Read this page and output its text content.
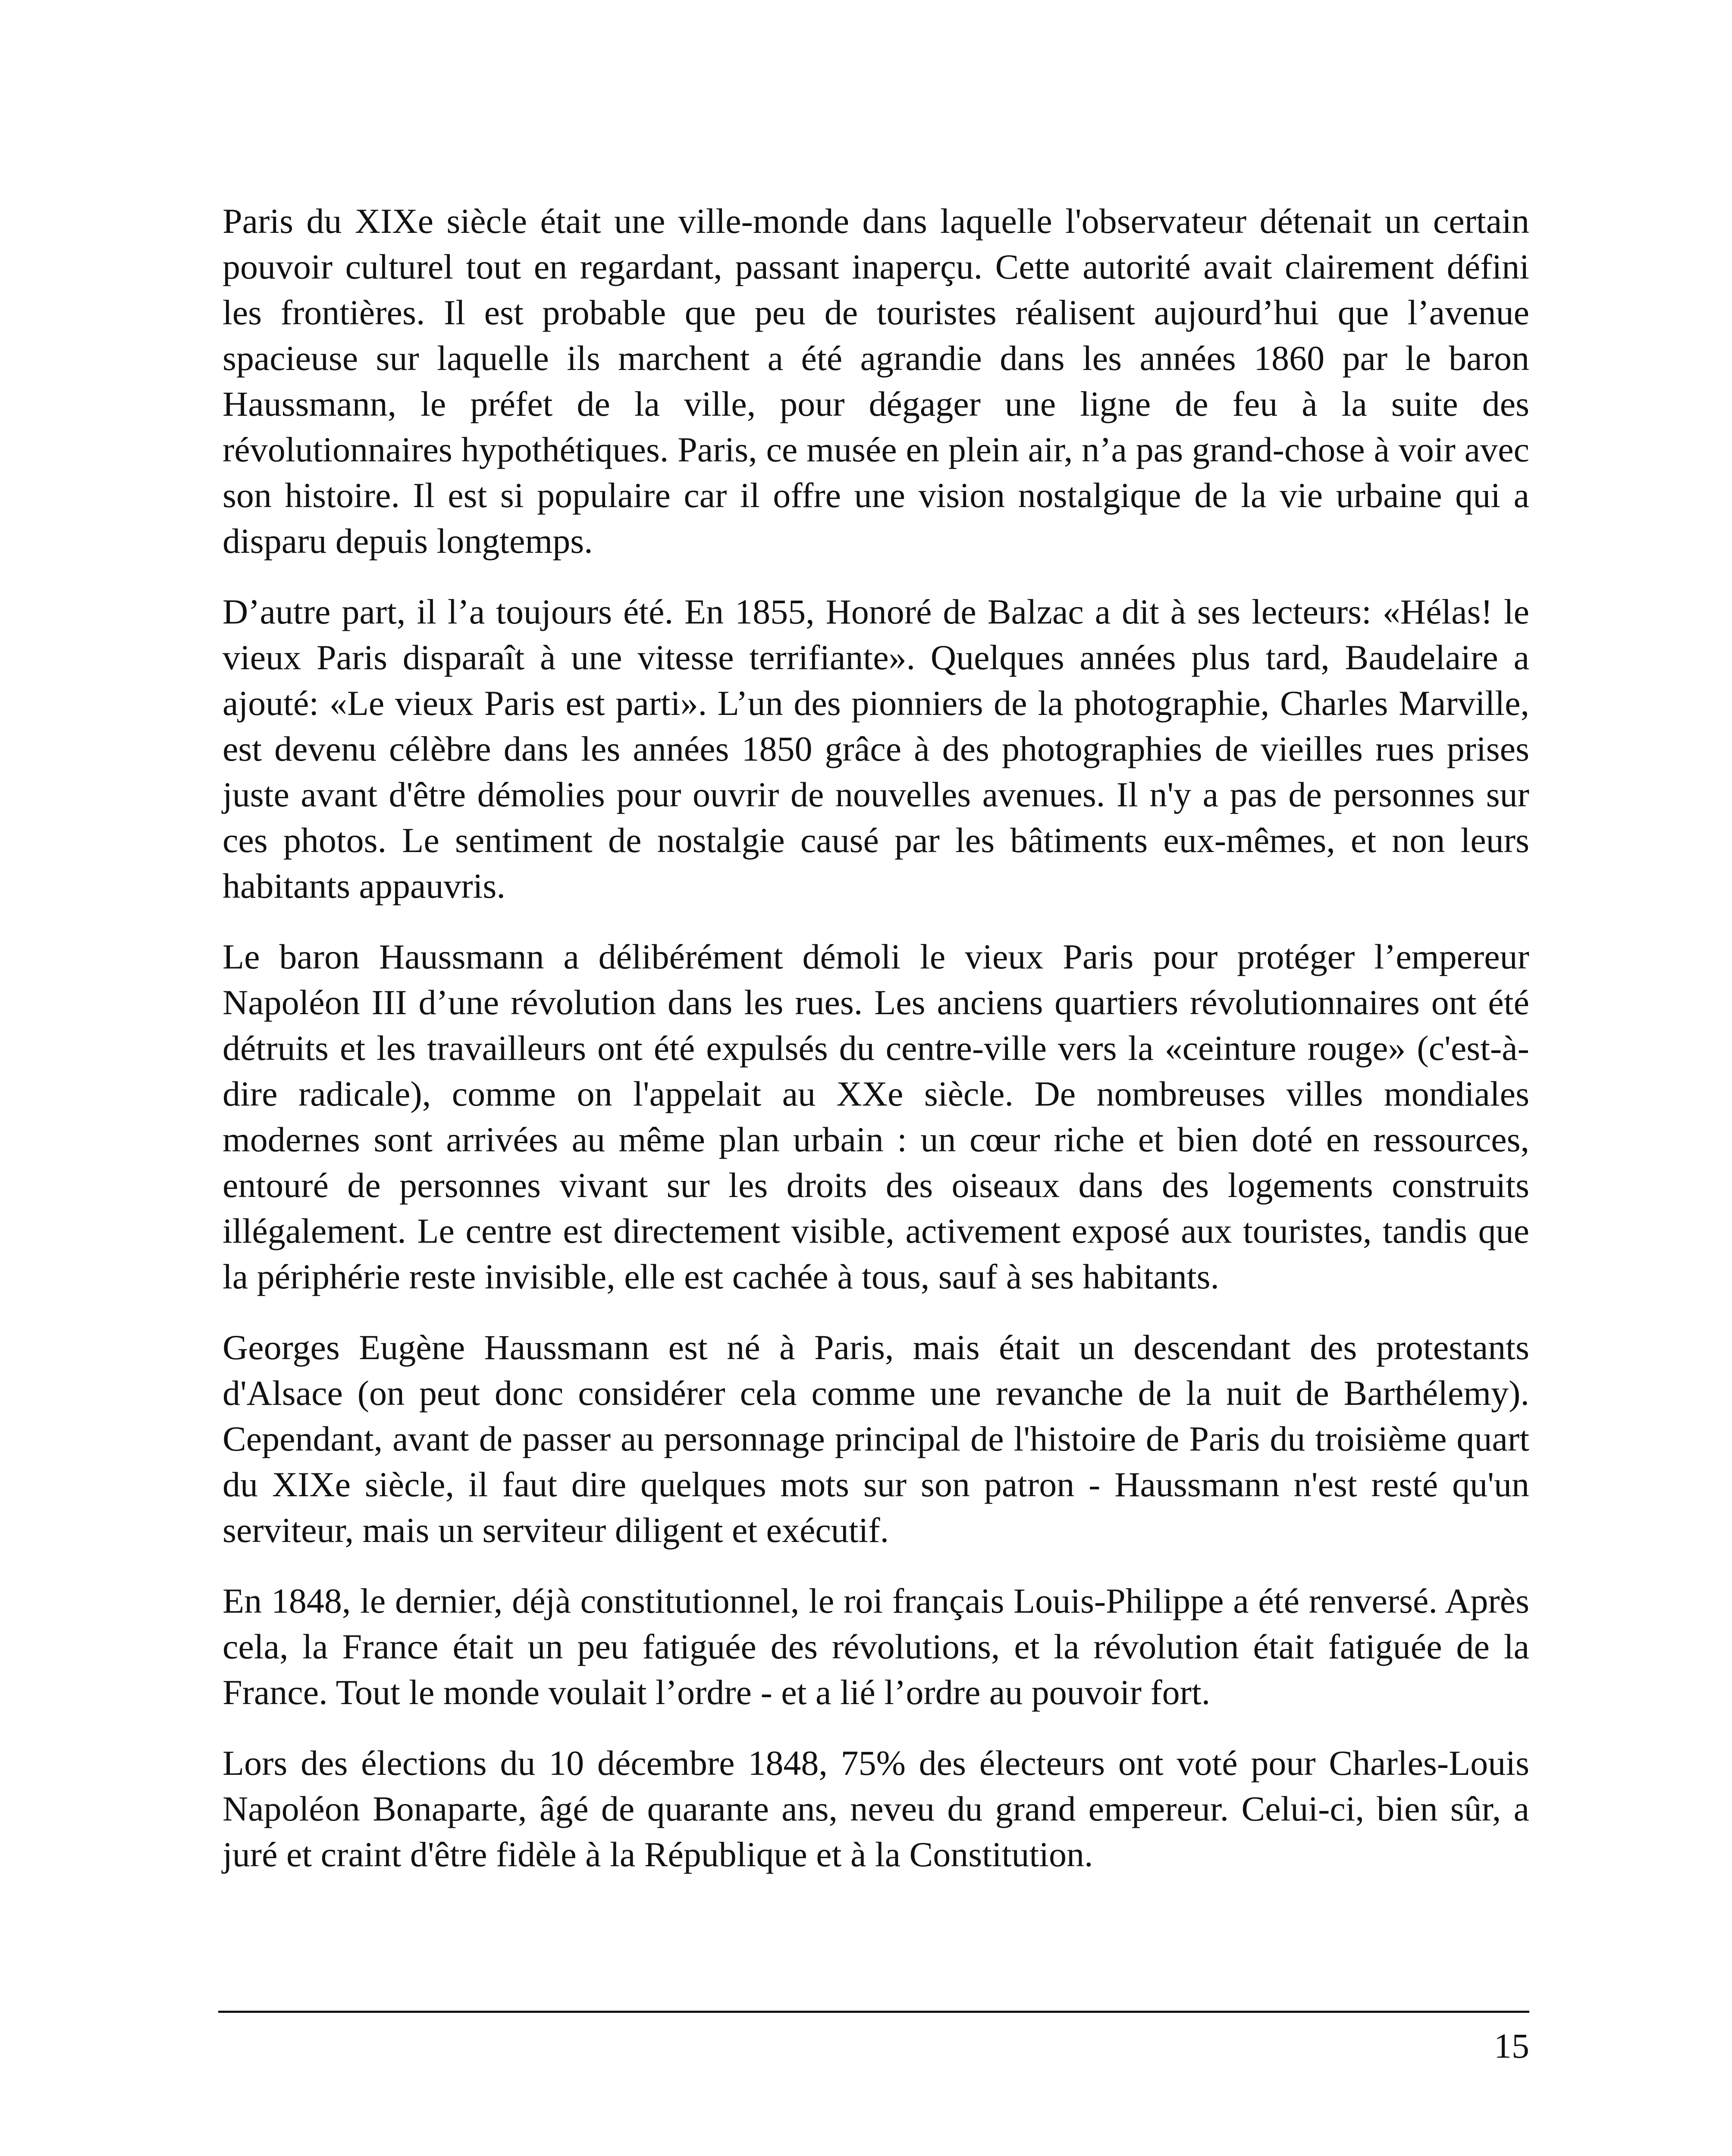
Paris du XIXe siècle était une ville-monde dans laquelle l'observateur détenait un certain pouvoir culturel tout en regardant, passant inaperçu. Cette autorité avait clairement défini les frontières. Il est probable que peu de touristes réalisent aujourd’hui que l’avenue spacieuse sur laquelle ils marchent a été agrandie dans les années 1860 par le baron Haussmann, le préfet de la ville, pour dégager une ligne de feu à la suite des révolutionnaires hypothétiques. Paris, ce musée en plein air, n’a pas grand-chose à voir avec son histoire. Il est si populaire car il offre une vision nostalgique de la vie urbaine qui a disparu depuis longtemps.

D’autre part, il l’a toujours été. En 1855, Honoré de Balzac a dit à ses lecteurs: «Hélas! le vieux Paris disparaît à une vitesse terrifiante». Quelques années plus tard, Baudelaire a ajouté: «Le vieux Paris est parti». L’un des pionniers de la photographie, Charles Marville, est devenu célèbre dans les années 1850 grâce à des photographies de vieilles rues prises juste avant d'être démolies pour ouvrir de nouvelles avenues. Il n'y a pas de personnes sur ces photos. Le sentiment de nostalgie causé par les bâtiments eux-mêmes, et non leurs habitants appauvris.

Le baron Haussmann a délibérément démoli le vieux Paris pour protéger l’empereur Napoléon III d’une révolution dans les rues. Les anciens quartiers révolutionnaires ont été détruits et les travailleurs ont été expulsés du centre-ville vers la «ceinture rouge» (c'est-à-dire radicale), comme on l'appelait au XXe siècle. De nombreuses villes mondiales modernes sont arrivées au même plan urbain : un cœur riche et bien doté en ressources, entouré de personnes vivant sur les droits des oiseaux dans des logements construits illégalement. Le centre est directement visible, activement exposé aux touristes, tandis que la périphérie reste invisible, elle est cachée à tous, sauf à ses habitants.

Georges Eugène Haussmann est né à Paris, mais était un descendant des protestants d'Alsace (on peut donc considérer cela comme une revanche de la nuit de Barthélemy). Cependant, avant de passer au personnage principal de l'histoire de Paris du troisième quart du XIXe siècle, il faut dire quelques mots sur son patron - Haussmann n'est resté qu'un serviteur, mais un serviteur diligent et exécutif.

En 1848, le dernier, déjà constitutionnel, le roi français Louis-Philippe a été renversé. Après cela, la France était un peu fatiguée des révolutions, et la révolution était fatiguée de la France. Tout le monde voulait l’ordre - et a lié l’ordre au pouvoir fort.

Lors des élections du 10 décembre 1848, 75% des électeurs ont voté pour Charles-Louis Napoléon Bonaparte, âgé de quarante ans, neveu du grand empereur. Celui-ci, bien sûr, a juré et craint d'être fidèle à la République et à la Constitution.

15
